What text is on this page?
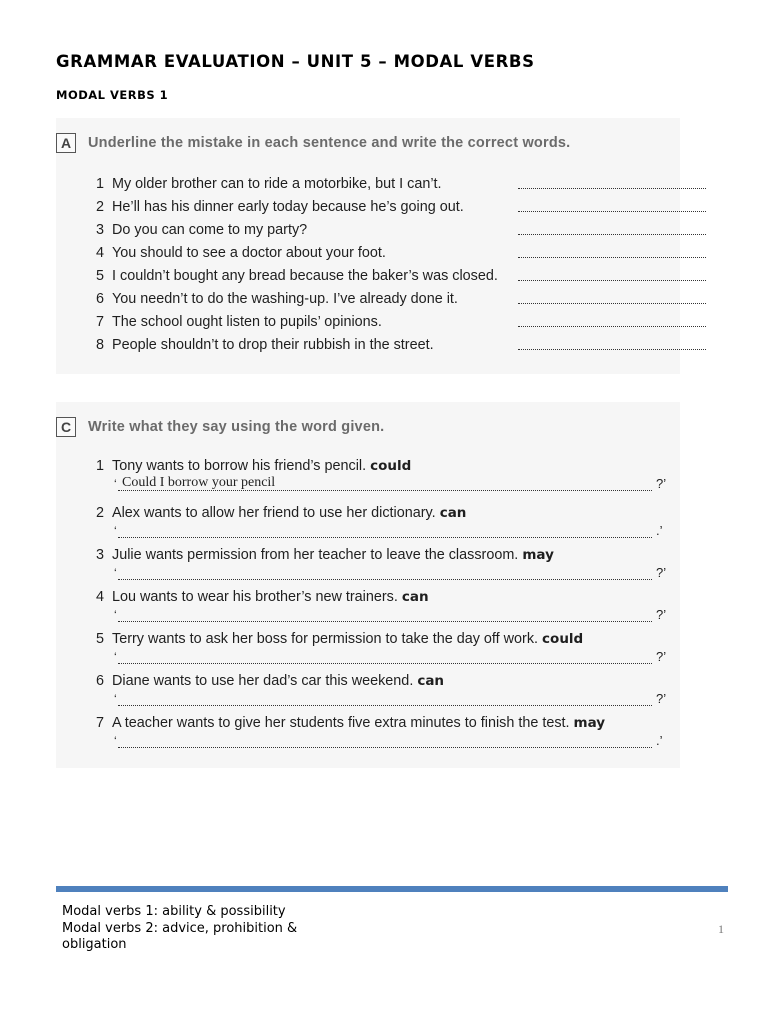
GRAMMAR EVALUATION – UNIT 5 – MODAL VERBS
MODAL VERBS 1
A	Underline the mistake in each sentence and write the correct words.
1 My older brother can to ride a motorbike, but I can’t.
2 He’ll has his dinner early today because he’s going out.
3 Do you can come to my party?
4 You should to see a doctor about your foot.
5 I couldn’t bought any bread because the baker’s was closed.
6 You needn’t to do the washing-up. I’ve already done it.
7 The school ought listen to pupils’ opinions.
8 People shouldn’t to drop their rubbish in the street.
C	Write what they say using the word given.
1 Tony wants to borrow his friend’s pencil. could
‘ Could I borrow your pencil	?’
2 Alex wants to allow her friend to use her dictionary. can
‘	.’
3 Julie wants permission from her teacher to leave the classroom. may
‘	?’
4 Lou wants to wear his brother’s new trainers. can
‘	?’
5 Terry wants to ask her boss for permission to take the day off work. could
‘	?’
6 Diane wants to use her dad’s car this weekend. can
‘	?’
7 A teacher wants to give her students five extra minutes to finish the test. may
‘	.’
Modal verbs 1: ability & possibility
Modal verbs 2: advice, prohibition &
obligation
1
